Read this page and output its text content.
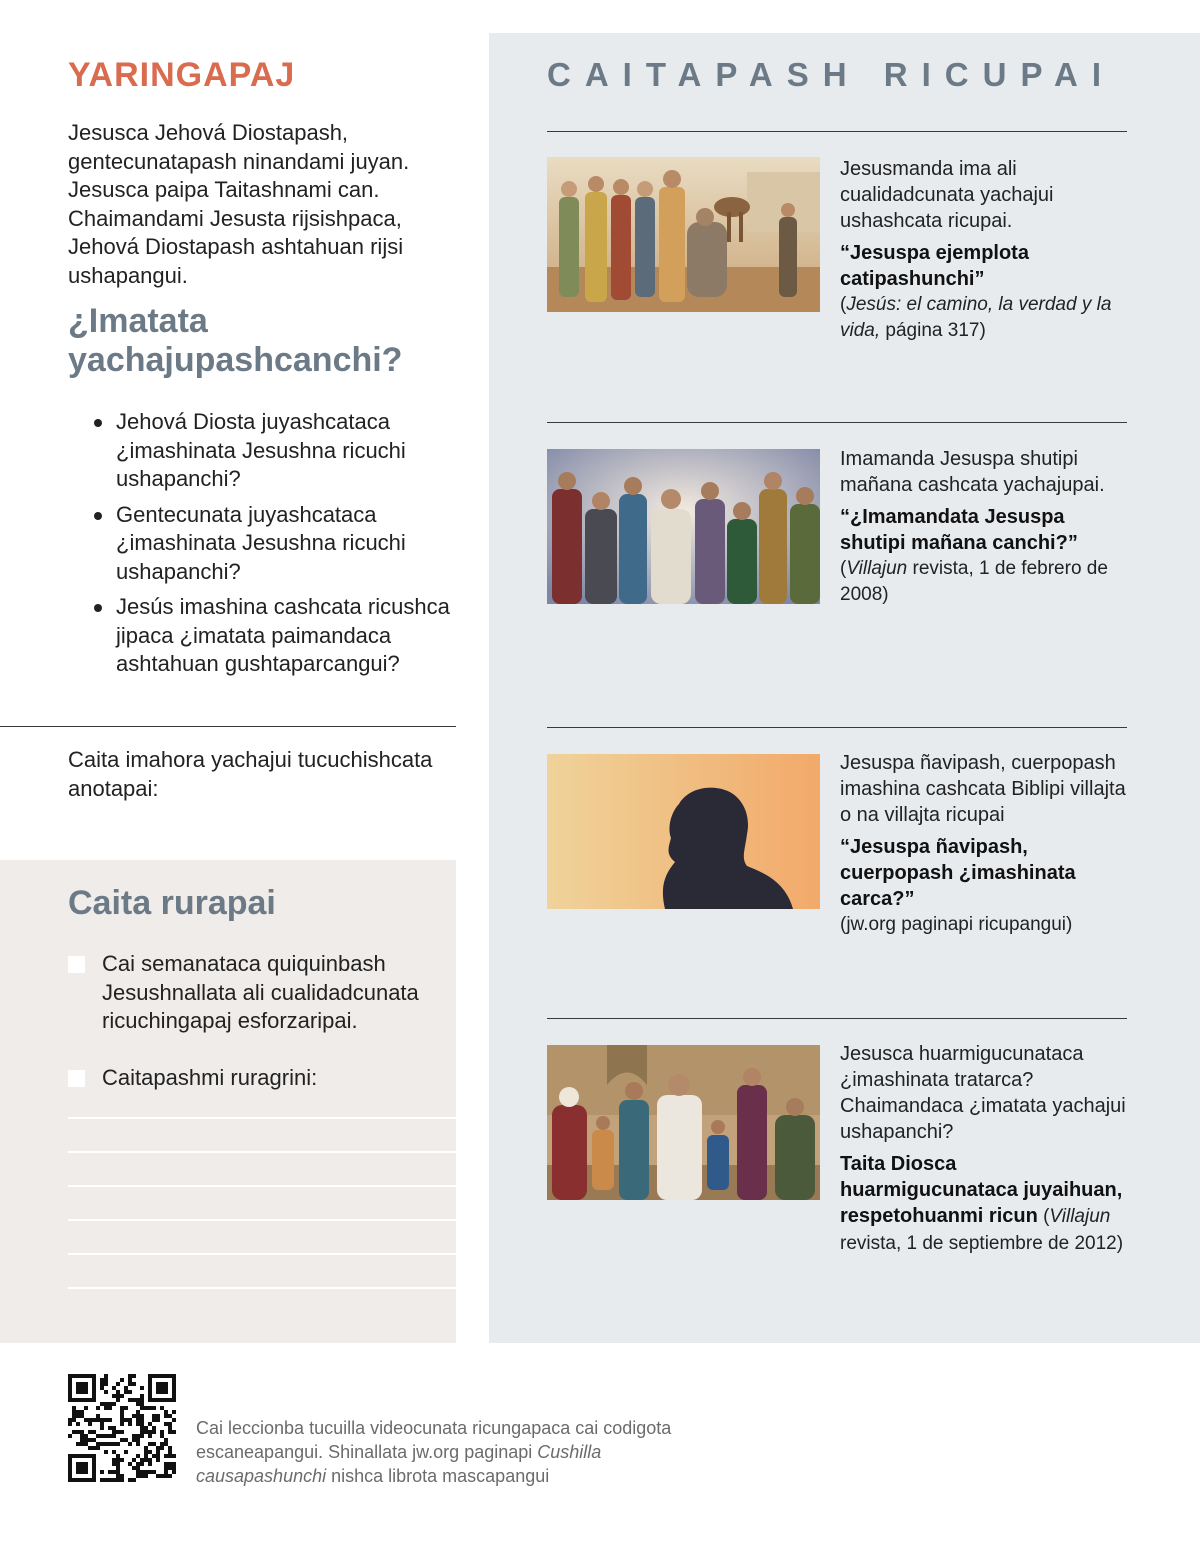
CAITAPASH RICUPAI
Jesusmanda ima ali cualidadcunata yachajui ushashcata ricupai.
“Jesuspa ejemplota catipashunchi”
(Jesús: el camino, la verdad y la vida, página 317)
Imamanda Jesuspa shutipi mañana cashcata yachajupai.
“¿Imamandata Jesuspa shutipi mañana canchi?”
(Villajun revista, 1 de febrero de 2008)
Jesuspa ñavipash, cuerpopash imashina cashcata Biblipi villajta o na villajta ricupai
“Jesuspa ñavipash, cuerpopash ¿imashinata carca?”
(jw.org paginapi ricupangui)
Jesusca huarmigucunataca ¿imashinata tratarca? Chaimandaca ¿imatata yachajui ushapanchi?
Taita Diosca huarmigucunataca juyaihuan, respetohuanmi ricun (Villajun revista, 1 de septiembre de 2012)
YARINGAPAJ
Jesusca Jehová Diostapash, gentecunatapash ninandami juyan. Jesusca paipa Taitashnami can. Chaimandami Jesusta rijsishpaca, Jehová Diostapash ashtahuan rijsi ushapangui.
¿Imatata yachajupashcanchi?
Jehová Diosta juyashcataca ¿imashinata Jesushna ricuchi ushapanchi?
Gentecunata juyashcataca ¿imashinata Jesushna ricuchi ushapanchi?
Jesús imashina cashcata ricushca jipaca ¿imatata paimandaca ashtahuan gushtaparcangui?
Caita imahora yachajui tucuchishcata anotapai:
Caita rurapai
Cai semanataca quiquinbash Jesushnallata ali cualidadcunata ricuchingapaj esforzaripai.
Caitapashmi ruragrini:
Cai leccionba tucuilla videocunata ricungapaca cai codigota escaneapangui. Shinallata jw.org paginapi Cushilla causapashunchi nishca librota mascapangui
